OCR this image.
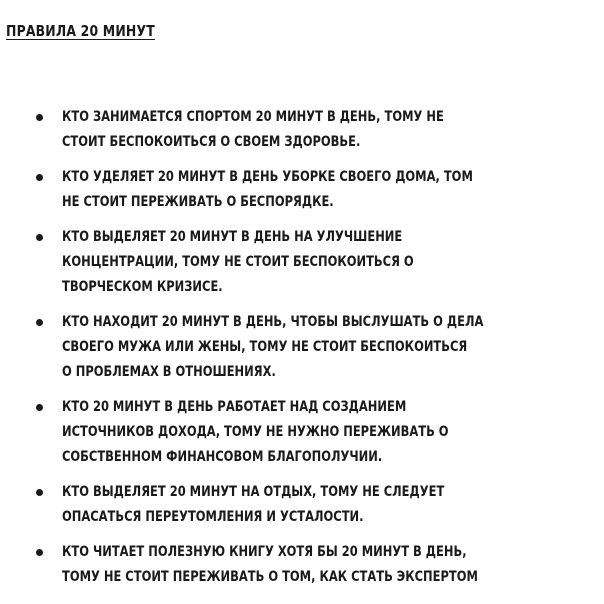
ПРАВИЛА 20 МИНУТ
КТО ЗАНИМАЕТСЯ СПОРТОМ 20 МИНУТ В ДЕНЬ, ТОМУ НЕ
СТОИТ БЕСПОКОИТЬСЯ О СВОЕМ ЗДОРОВЬЕ.
КТО УДЕЛЯЕТ 20 МИНУТ В ДЕНЬ УБОРКЕ СВОЕГО ДОМА, ТОМ
НЕ СТОИТ ПЕРЕЖИВАТЬ О БЕСПОРЯДКЕ.
КТО ВЫДЕЛЯЕТ 20 МИНУТ В ДЕНЬ НА УЛУЧШЕНИЕ
КОНЦЕНТРАЦИИ, ТОМУ НЕ СТОИТ БЕСПОКОИТЬСЯ О
ТВОРЧЕСКОМ КРИЗИСЕ.
КТО НАХОДИТ 20 МИНУТ В ДЕНЬ, ЧТОБЫ ВЫСЛУШАТЬ О ДЕЛА
СВОЕГО МУЖА ИЛИ ЖЕНЫ, ТОМУ НЕ СТОИТ БЕСПОКОИТЬСЯ
О ПРОБЛЕМАХ В ОТНОШЕНИЯХ.
КТО 20 МИНУТ В ДЕНЬ РАБОТАЕТ НАД СОЗДАНИЕМ
ИСТОЧНИКОВ ДОХОДА, ТОМУ НЕ НУЖНО ПЕРЕЖИВАТЬ О
СОБСТВЕННОМ ФИНАНСОВОМ БЛАГОПОЛУЧИИ.
КТО ВЫДЕЛЯЕТ 20 МИНУТ НА ОТДЫХ, ТОМУ НЕ СЛЕДУЕТ
ОПАСАТЬСЯ ПЕРЕУТОМЛЕНИЯ И УСТАЛОСТИ.
КТО ЧИТАЕТ ПОЛЕЗНУЮ КНИГУ ХОТЯ БЫ 20 МИНУТ В ДЕНЬ,
ТОМУ НЕ СТОИТ ПЕРЕЖИВАТЬ О ТОМ, КАК СТАТЬ ЭКСПЕРТОМ
